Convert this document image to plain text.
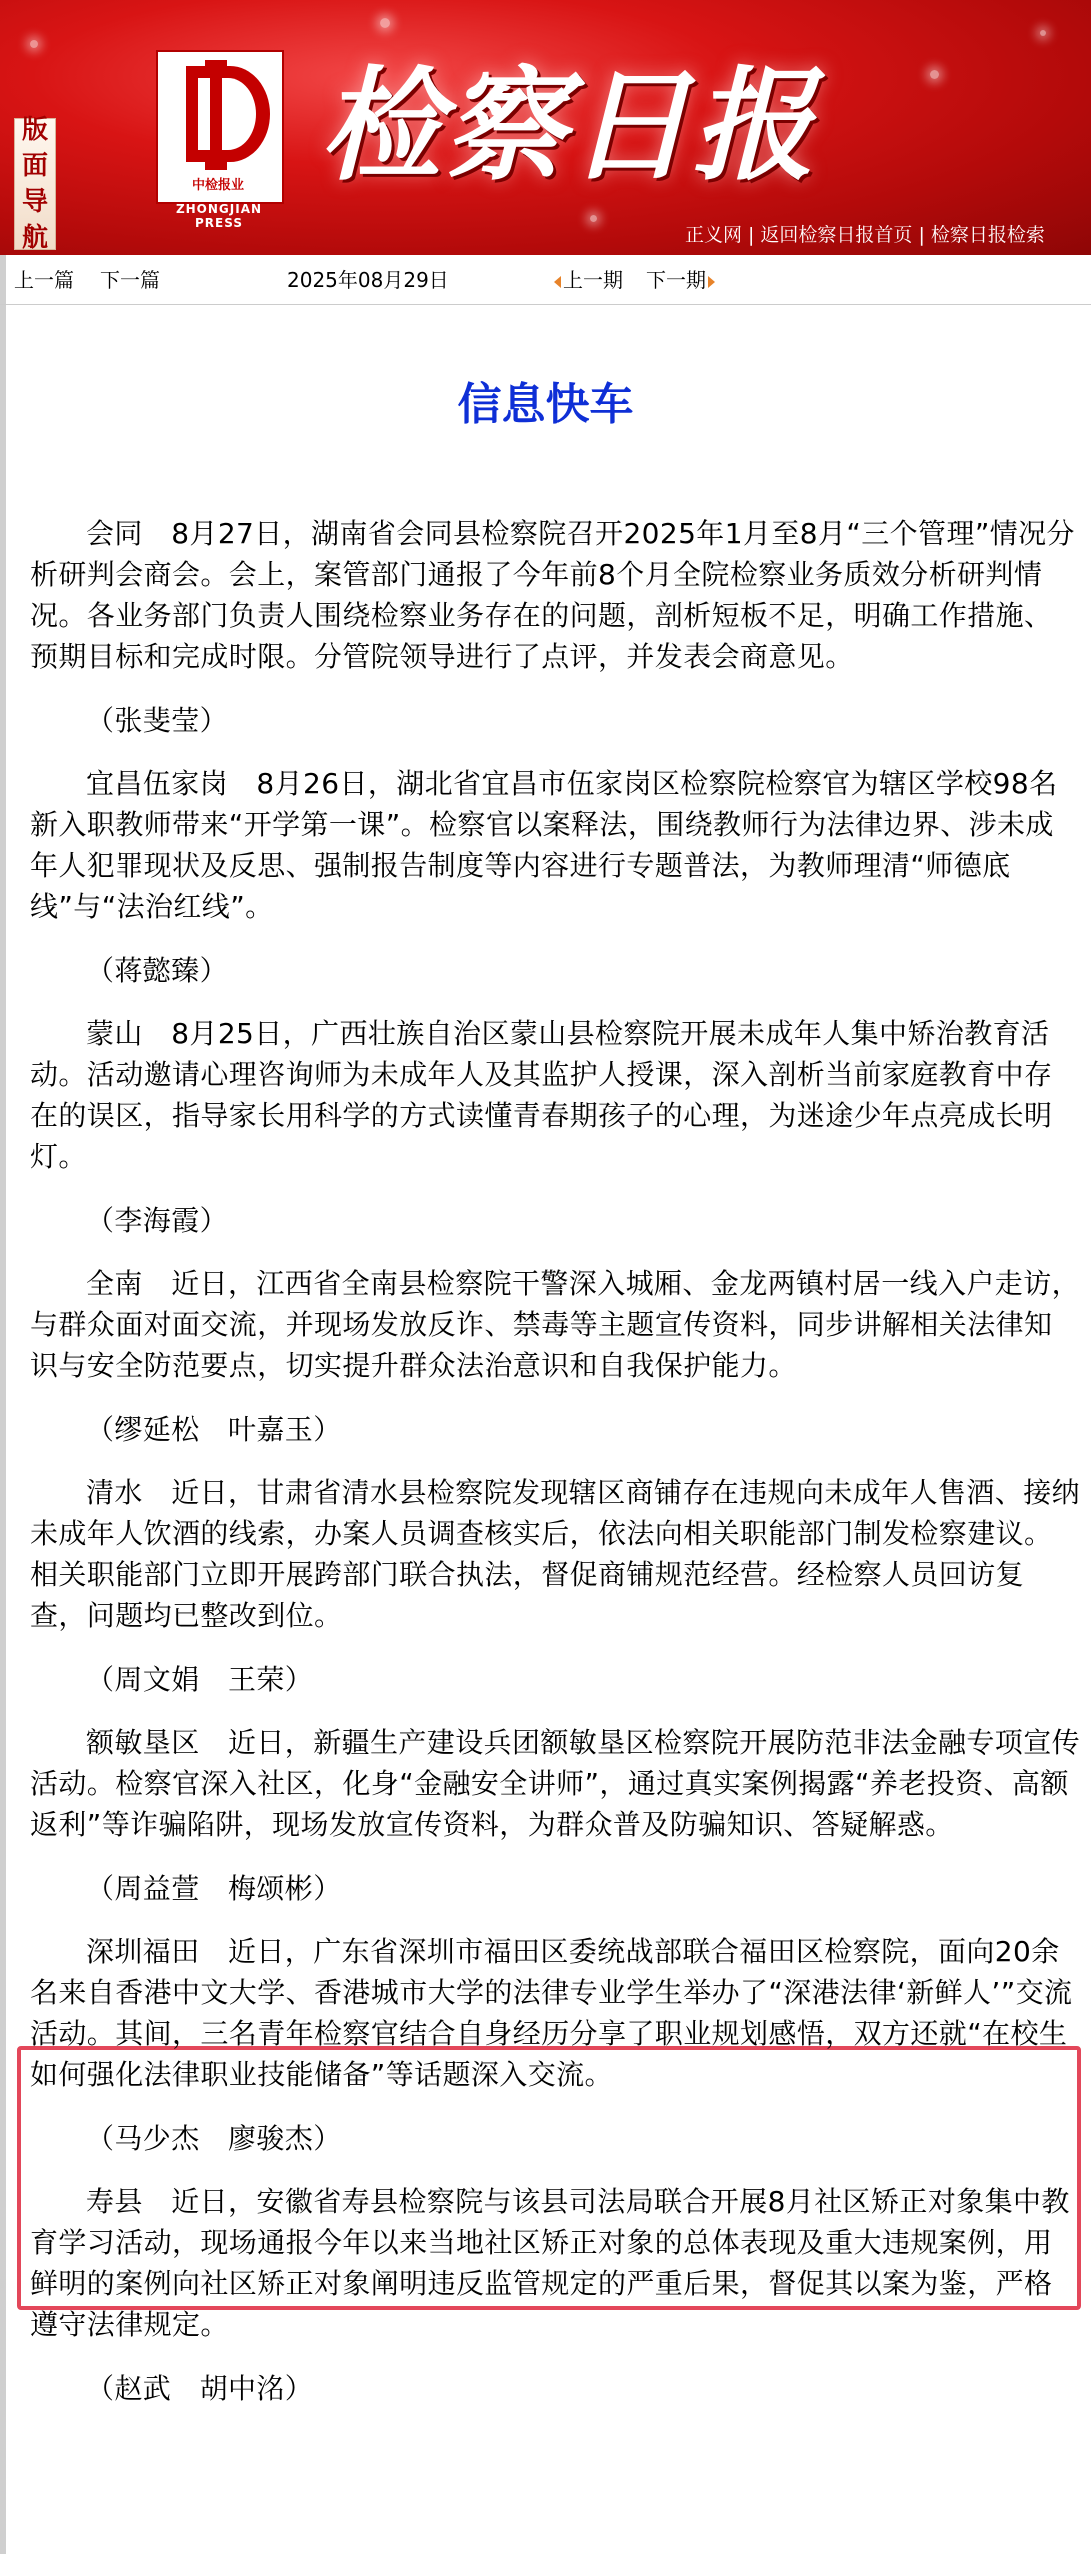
版
面
导
航
中检报业
ZHONGJIAN PRESS
检察日报
正义网 | 返回检察日报首页 | 检察日报检索
上一篇 下一篇	2025年08月29日	上一期 下一期
信息快车

会同　8月27日，湖南省会同县检察院召开2025年1月至8月“三个管理”情况分析研判会商会。会上，案管部门通报了今年前8个月全院检察业务质效分析研判情况。各业务部门负责人围绕检察业务存在的问题，剖析短板不足，明确工作措施、预期目标和完成时限。分管院领导进行了点评，并发表会商意见。

（张斐莹）

宜昌伍家岗　8月26日，湖北省宜昌市伍家岗区检察院检察官为辖区学校98名新入职教师带来“开学第一课”。检察官以案释法，围绕教师行为法律边界、涉未成年人犯罪现状及反思、强制报告制度等内容进行专题普法，为教师理清“师德底线”与“法治红线”。

（蒋懿臻）

蒙山　8月25日，广西壮族自治区蒙山县检察院开展未成年人集中矫治教育活动。活动邀请心理咨询师为未成年人及其监护人授课，深入剖析当前家庭教育中存在的误区，指导家长用科学的方式读懂青春期孩子的心理，为迷途少年点亮成长明灯。

（李海霞）

全南　近日，江西省全南县检察院干警深入城厢、金龙两镇村居一线入户走访，与群众面对面交流，并现场发放反诈、禁毒等主题宣传资料，同步讲解相关法律知识与安全防范要点，切实提升群众法治意识和自我保护能力。

（缪延松　叶嘉玉）

清水　近日，甘肃省清水县检察院发现辖区商铺存在违规向未成年人售酒、接纳未成年人饮酒的线索，办案人员调查核实后，依法向相关职能部门制发检察建议。相关职能部门立即开展跨部门联合执法，督促商铺规范经营。经检察人员回访复查，问题均已整改到位。

（周文娟　王荣）

额敏垦区　近日，新疆生产建设兵团额敏垦区检察院开展防范非法金融专项宣传活动。检察官深入社区，化身“金融安全讲师”，通过真实案例揭露“养老投资、高额返利”等诈骗陷阱，现场发放宣传资料，为群众普及防骗知识、答疑解惑。

（周益萱　梅颂彬）

深圳福田　近日，广东省深圳市福田区委统战部联合福田区检察院，面向20余名来自香港中文大学、香港城市大学的法律专业学生举办了“深港法律‘新鲜人’”交流活动。其间，三名青年检察官结合自身经历分享了职业规划感悟，双方还就“在校生如何强化法律职业技能储备”等话题深入交流。

（马少杰　廖骏杰）

寿县　近日，安徽省寿县检察院与该县司法局联合开展8月社区矫正对象集中教育学习活动，现场通报今年以来当地社区矫正对象的总体表现及重大违规案例，用鲜明的案例向社区矫正对象阐明违反监管规定的严重后果，督促其以案为鉴，严格遵守法律规定。

（赵武　胡中洺）
